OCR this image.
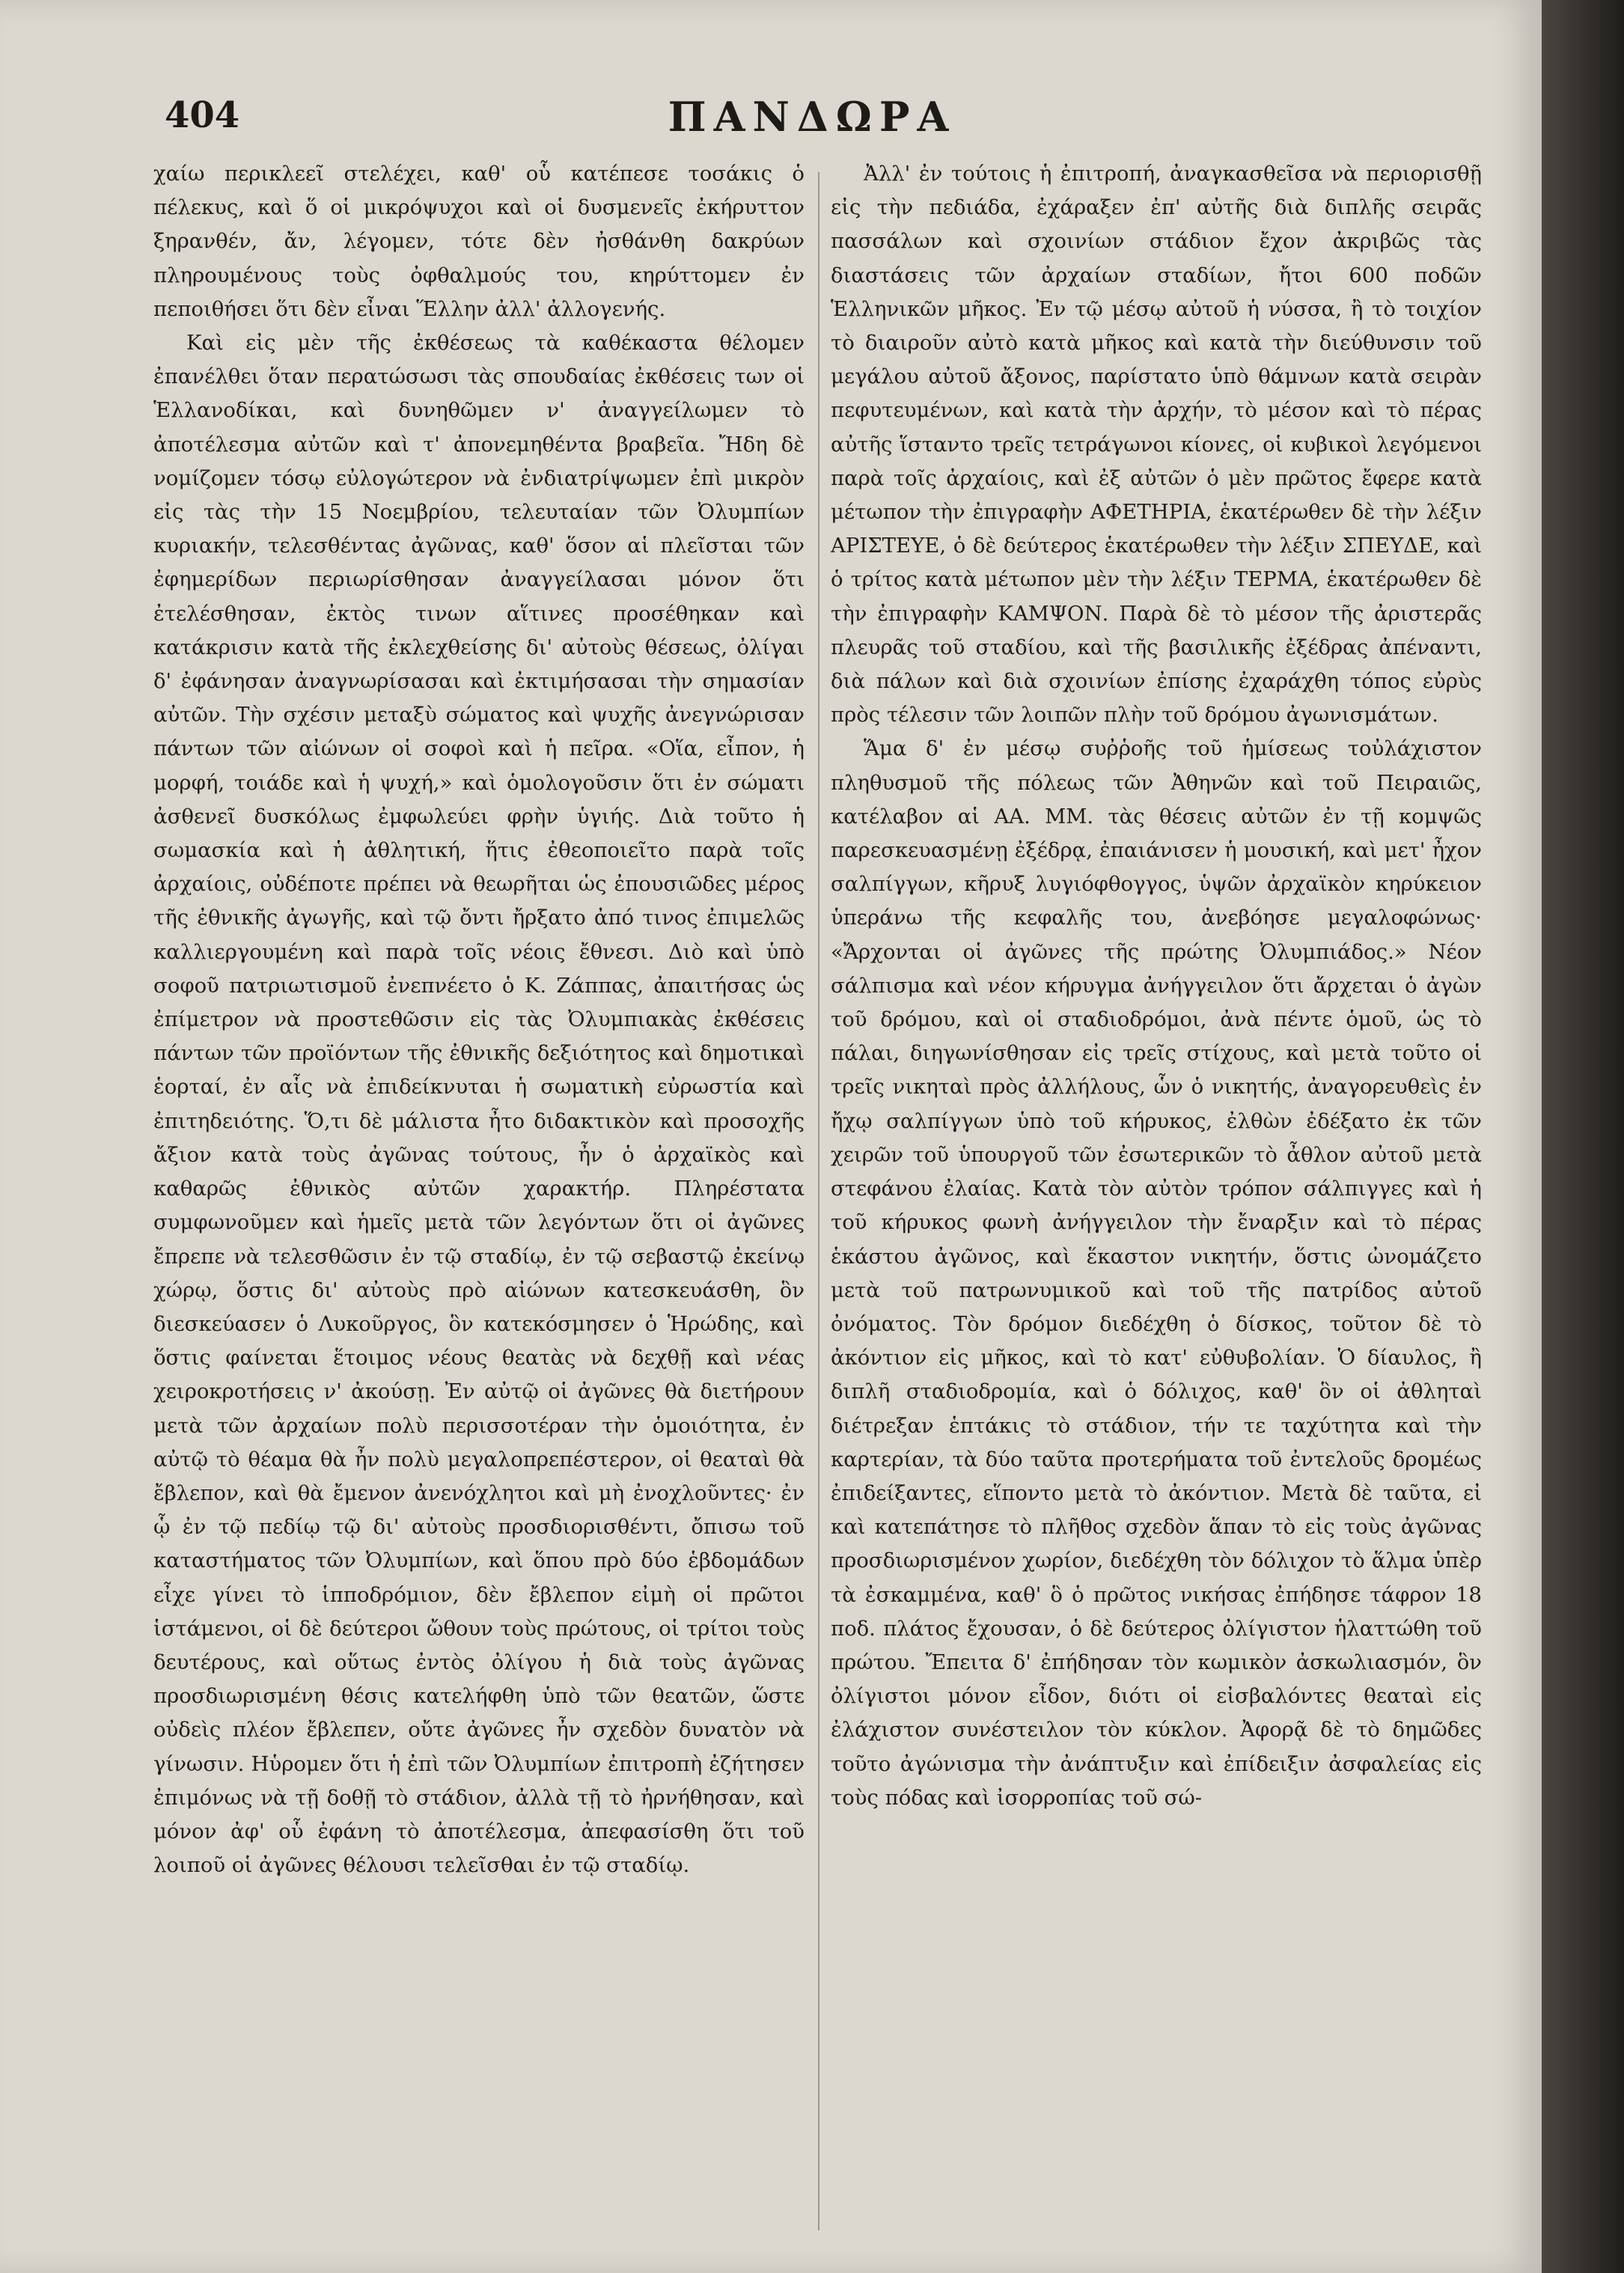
404	ΠΑΝΔΩΡΑ

χαίω περικλεεῖ στελέχει, καθ' οὗ κατέπεσε τοσάκις ὁ πέλεκυς, καὶ ὅ οἱ μικρόψυχοι καὶ οἱ δυσμενεῖς ἐκήρυττον ξηρανθέν, ἄν, λέγομεν, τότε δὲν ἠσθάνθη δακρύων πληρουμένους τοὺς ὀφθαλμούς του, κηρύττομεν ἐν πεποιθήσει ὅτι δὲν εἶναι Ἕλλην ἀλλ' ἀλλογενής.

Καὶ εἰς μὲν τῆς ἐκθέσεως τὰ καθέκαστα θέλομεν ἐπανέλθει ὅταν περατώσωσι τὰς σπουδαίας ἐκθέσεις των οἱ Ἑλλανοδίκαι, καὶ δυνηθῶμεν ν' ἀναγγείλωμεν τὸ ἀποτέλεσμα αὐτῶν καὶ τ' ἀπονεμηθέντα βραβεῖα. Ἤδη δὲ νομίζομεν τόσῳ εὐλογώτερον νὰ ἐνδιατρίψωμεν ἐπὶ μικρὸν εἰς τὰς τὴν 15 Νοεμβρίου, τελευταίαν τῶν Ὀλυμπίων κυριακήν, τελεσθέντας ἀγῶνας, καθ' ὅσον αἱ πλεῖσται τῶν ἐφημερίδων περιωρίσθησαν ἀναγγείλασαι μόνον ὅτι ἐτελέσθησαν, ἐκτὸς τινων αἵτινες προσέθηκαν καὶ κατάκρισιν κατὰ τῆς ἐκλεχθείσης δι' αὐτοὺς θέσεως, ὀλίγαι δ' ἐφάνησαν ἀναγνωρίσασαι καὶ ἐκτιμήσασαι τὴν σημασίαν αὐτῶν. Τὴν σχέσιν μεταξὺ σώματος καὶ ψυχῆς ἀνεγνώρισαν πάντων τῶν αἰώνων οἱ σοφοὶ καὶ ἡ πεῖρα. «Οἵα, εἶπον, ἡ μορφή, τοιάδε καὶ ἡ ψυχή,» καὶ ὁμολογοῦσιν ὅτι ἐν σώματι ἀσθενεῖ δυσκόλως ἐμφωλεύει φρὴν ὑγιής. Διὰ τοῦτο ἡ σωμασκία καὶ ἡ ἀθλητική, ἥτις ἐθεοποιεῖτο παρὰ τοῖς ἀρχαίοις, οὐδέποτε πρέπει νὰ θεωρῆται ὡς ἐπουσιῶδες μέρος τῆς ἐθνικῆς ἀγωγῆς, καὶ τῷ ὄντι ἤρξατο ἀπό τινος ἐπιμελῶς καλλιεργουμένη καὶ παρὰ τοῖς νέοις ἔθνεσι. Διὸ καὶ ὑπὸ σοφοῦ πατριωτισμοῦ ἐνεπνέετο ὁ Κ. Ζάππας, ἀπαιτήσας ὡς ἐπίμετρον νὰ προστεθῶσιν εἰς τὰς Ὀλυμπιακὰς ἐκθέσεις πάντων τῶν προϊόντων τῆς ἐθνικῆς δεξιότητος καὶ δημοτικαὶ ἑορταί, ἐν αἷς νὰ ἐπιδείκνυται ἡ σωματικὴ εὐρωστία καὶ ἐπιτηδειότης. Ὅ,τι δὲ μάλιστα ἦτο διδακτικὸν καὶ προσοχῆς ἄξιον κατὰ τοὺς ἀγῶνας τούτους, ἦν ὁ ἀρχαϊκὸς καὶ καθαρῶς ἐθνικὸς αὐτῶν χαρακτήρ. Πληρέστατα συμφωνοῦμεν καὶ ἡμεῖς μετὰ τῶν λεγόντων ὅτι οἱ ἀγῶνες ἔπρεπε νὰ τελεσθῶσιν ἐν τῷ σταδίῳ, ἐν τῷ σεβαστῷ ἐκείνῳ χώρῳ, ὅστις δι' αὐτοὺς πρὸ αἰώνων κατεσκευάσθη, ὃν διεσκεύασεν ὁ Λυκοῦργος, ὃν κατεκόσμησεν ὁ Ἡρώδης, καὶ ὅστις φαίνεται ἕτοιμος νέους θεατὰς νὰ δεχθῇ καὶ νέας χειροκροτήσεις ν' ἀκούσῃ. Ἐν αὐτῷ οἱ ἀγῶνες θὰ διετήρουν μετὰ τῶν ἀρχαίων πολὺ περισσοτέραν τὴν ὁμοιότητα, ἐν αὐτῷ τὸ θέαμα θὰ ἦν πολὺ μεγαλοπρεπέστερον, οἱ θεαταὶ θὰ ἔβλεπον, καὶ θὰ ἔμενον ἀνενόχλητοι καὶ μὴ ἐνοχλοῦντες· ἐν ᾧ ἐν τῷ πεδίῳ τῷ δι' αὐτοὺς προσδιορισθέντι, ὄπισω τοῦ καταστήματος τῶν Ὀλυμπίων, καὶ ὅπου πρὸ δύο ἑβδομάδων εἶχε γίνει τὸ ἱπποδρόμιον, δὲν ἔβλεπον εἰμὴ οἱ πρῶτοι ἱστάμενοι, οἱ δὲ δεύτεροι ὤθουν τοὺς πρώτους, οἱ τρίτοι τοὺς δευτέρους, καὶ οὕτως ἐντὸς ὀλίγου ἡ διὰ τοὺς ἀγῶνας προσδιωρισμένη θέσις κατελήφθη ὑπὸ τῶν θεατῶν, ὥστε οὐδεὶς πλέον ἔβλεπεν, οὔτε ἀγῶνες ἦν σχεδὸν δυνατὸν νὰ γίνωσιν. Ηὑρομεν ὅτι ἡ ἐπὶ τῶν Ὀλυμπίων ἐπιτροπὴ ἐζήτησεν ἐπιμόνως νὰ τῇ δοθῇ τὸ στάδιον, ἀλλὰ τῇ τὸ ἠρνήθησαν, καὶ μόνον ἀφ' οὗ ἐφάνη τὸ ἀποτέλεσμα, ἀπεφασίσθη ὅτι τοῦ λοιποῦ οἱ ἀγῶνες θέλουσι τελεῖσθαι ἐν τῷ σταδίῳ.

Ἀλλ' ἐν τούτοις ἡ ἐπιτροπή, ἀναγκασθεῖσα νὰ περιορισθῇ εἰς τὴν πεδιάδα, ἐχάραξεν ἐπ' αὐτῆς διὰ διπλῆς σειρᾶς πασσάλων καὶ σχοινίων στάδιον ἔχον ἀκριβῶς τὰς διαστάσεις τῶν ἀρχαίων σταδίων, ἤτοι 600 ποδῶν Ἑλληνικῶν μῆκος. Ἐν τῷ μέσῳ αὐτοῦ ἡ νύσσα, ἢ τὸ τοιχίον τὸ διαιροῦν αὐτὸ κατὰ μῆκος καὶ κατὰ τὴν διεύθυνσιν τοῦ μεγάλου αὐτοῦ ἄξονος, παρίστατο ὑπὸ θάμνων κατὰ σειρὰν πεφυτευμένων, καὶ κατὰ τὴν ἀρχήν, τὸ μέσον καὶ τὸ πέρας αὐτῆς ἵσταντο τρεῖς τετράγωνοι κίονες, οἱ κυβικοὶ λεγόμενοι παρὰ τοῖς ἀρχαίοις, καὶ ἐξ αὐτῶν ὁ μὲν πρῶτος ἔφερε κατὰ μέτωπον τὴν ἐπιγραφὴν ΑΦΕΤΗΡΙΑ, ἑκατέρωθεν δὲ τὴν λέξιν ΑΡΙΣΤΕΥΕ, ὁ δὲ δεύτερος ἑκατέρωθεν τὴν λέξιν ΣΠΕΥΔΕ, καὶ ὁ τρίτος κατὰ μέτωπον μὲν τὴν λέξιν ΤΕΡΜΑ, ἑκατέρωθεν δὲ τὴν ἐπιγραφὴν ΚΑΜΨΟΝ. Παρὰ δὲ τὸ μέσον τῆς ἀριστερᾶς πλευρᾶς τοῦ σταδίου, καὶ τῆς βασιλικῆς ἐξέδρας ἀπέναντι, διὰ πάλων καὶ διὰ σχοινίων ἐπίσης ἐχαράχθη τόπος εὐρὺς πρὸς τέλεσιν τῶν λοιπῶν πλὴν τοῦ δρόμου ἀγωνισμάτων.

Ἅμα δ' ἐν μέσῳ συῤῥοῆς τοῦ ἡμίσεως τοὐλάχιστον πληθυσμοῦ τῆς πόλεως τῶν Ἀθηνῶν καὶ τοῦ Πειραιῶς, κατέλαβον αἱ ΑΑ. ΜΜ. τὰς θέσεις αὐτῶν ἐν τῇ κομψῶς παρεσκευασμένῃ ἐξέδρᾳ, ἐπαιάνισεν ἡ μουσική, καὶ μετ' ἦχον σαλπίγγων, κῆρυξ λυγιόφθογγος, ὑψῶν ἀρχαϊκὸν κηρύκειον ὑπεράνω τῆς κεφαλῆς του, ἀνεβόησε μεγαλοφώνως· «Ἄρχονται οἱ ἀγῶνες τῆς πρώτης Ὀλυμπιάδος.» Νέον σάλπισμα καὶ νέον κήρυγμα ἀνήγγειλον ὅτι ἄρχεται ὁ ἀγὼν τοῦ δρόμου, καὶ οἱ σταδιοδρόμοι, ἀνὰ πέντε ὁμοῦ, ὡς τὸ πάλαι, διηγωνίσθησαν εἰς τρεῖς στίχους, καὶ μετὰ τοῦτο οἱ τρεῖς νικηταὶ πρὸς ἀλλήλους, ὧν ὁ νικητής, ἀναγορευθεὶς ἐν ἤχῳ σαλπίγγων ὑπὸ τοῦ κήρυκος, ἐλθὼν ἐδέξατο ἐκ τῶν χειρῶν τοῦ ὑπουργοῦ τῶν ἐσωτερικῶν τὸ ἆθλον αὐτοῦ μετὰ στεφάνου ἐλαίας. Κατὰ τὸν αὐτὸν τρόπον σάλπιγγες καὶ ἡ τοῦ κήρυκος φωνὴ ἀνήγγειλον τὴν ἔναρξιν καὶ τὸ πέρας ἑκάστου ἀγῶνος, καὶ ἕκαστον νικητήν, ὅστις ὠνομάζετο μετὰ τοῦ πατρωνυμικοῦ καὶ τοῦ τῆς πατρίδος αὐτοῦ ὀνόματος. Τὸν δρόμον διεδέχθη ὁ δίσκος, τοῦτον δὲ τὸ ἀκόντιον εἰς μῆκος, καὶ τὸ κατ' εὐθυβολίαν. Ὁ δίαυλος, ἢ διπλῆ σταδιοδρομία, καὶ ὁ δόλιχος, καθ' ὃν οἱ ἀθληταὶ διέτρεξαν ἑπτάκις τὸ στάδιον, τήν τε ταχύτητα καὶ τὴν καρτερίαν, τὰ δύο ταῦτα προτερήματα τοῦ ἐντελοῦς δρομέως ἐπιδείξαντες, εἵποντο μετὰ τὸ ἀκόντιον. Μετὰ δὲ ταῦτα, εἰ καὶ κατεπάτησε τὸ πλῆθος σχεδὸν ἅπαν τὸ εἰς τοὺς ἀγῶνας προσδιωρισμένον χωρίον, διεδέχθη τὸν δόλιχον τὸ ἅλμα ὑπὲρ τὰ ἐσκαμμένα, καθ' ὃ ὁ πρῶτος νικήσας ἐπήδησε τάφρον 18 ποδ. πλάτος ἔχουσαν, ὁ δὲ δεύτερος ὀλίγιστον ἡλαττώθη τοῦ πρώτου. Ἔπειτα δ' ἐπήδησαν τὸν κωμικὸν ἀσκωλιασμόν, ὃν ὀλίγιστοι μόνον εἶδον, διότι οἱ εἰσβαλόντες θεαταὶ εἰς ἐλάχιστον συνέστειλον τὸν κύκλον. Ἀφορᾷ δὲ τὸ δημῶδες τοῦτο ἀγώνισμα τὴν ἀνάπτυξιν καὶ ἐπίδειξιν ἀσφαλείας εἰς τοὺς πόδας καὶ ἰσορροπίας τοῦ σώ-
